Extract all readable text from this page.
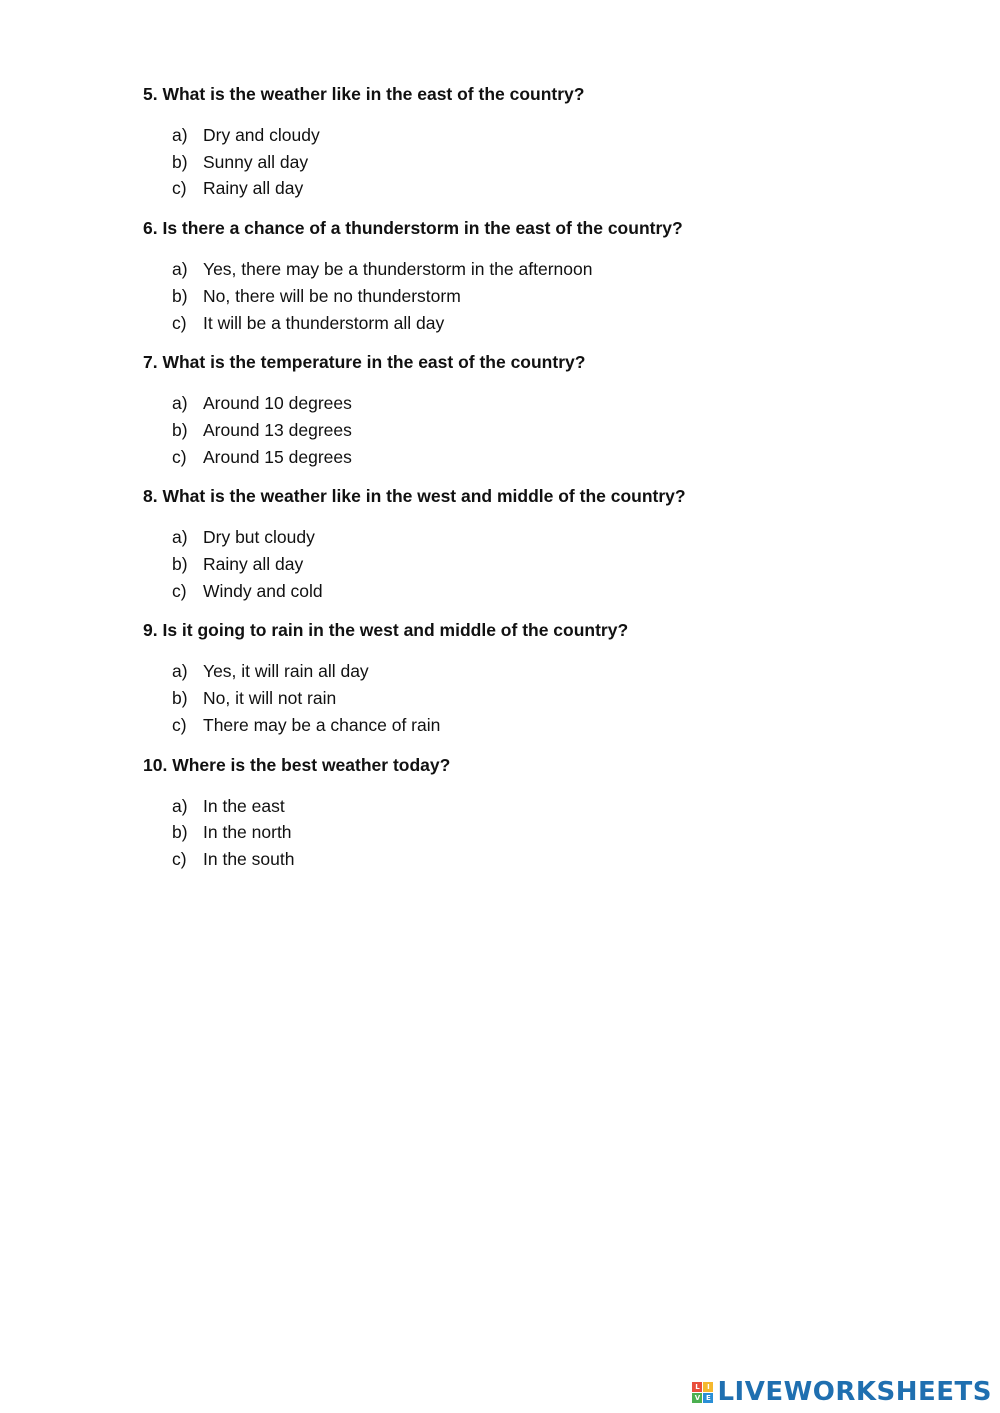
5. What is the weather like in the east of the country?

a) Dry and cloudy
b) Sunny all day
c) Rainy all day

6. Is there a chance of a thunderstorm in the east of the country?

a) Yes, there may be a thunderstorm in the afternoon
b) No, there will be no thunderstorm
c) It will be a thunderstorm all day

7. What is the temperature in the east of the country?

a) Around 10 degrees
b) Around 13 degrees
c) Around 15 degrees

8. What is the weather like in the west and middle of the country?

a) Dry but cloudy
b) Rainy all day
c) Windy and cold

9. Is it going to rain in the west and middle of the country?

a) Yes, it will rain all day
b) No, it will not rain
c) There may be a chance of rain

10. Where is the best weather today?

a) In the east
b) In the north
c) In the south
L	I
V E LIVEWORKSHEETS
